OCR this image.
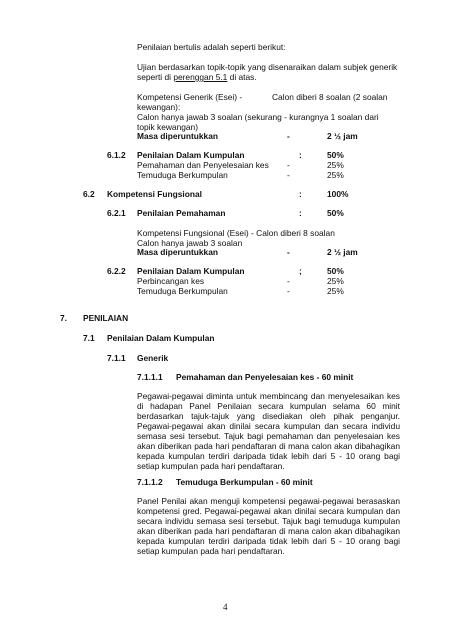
Penilaian bertulis adalah seperti berikut:
Ujian berdasarkan topik-topik yang disenaraikan dalam subjek generik
seperti di perenggan 5.1 di atas.
Kompetensi Generik (Esei) -	Calon diberi 8 soalan (2 soalan
kewangan):
Calon hanya jawab 3 soalan (sekurang - kurangnya 1 soalan dari
topik kewangan)
Masa diperuntukkan	-	2 ½ jam
6.1.2 Penilaian Dalam Kumpulan	:	50%
Pemahaman dan Penyelesaian kes -	25%
Temuduga Berkumpulan	-	25%
6.2 Kompetensi Fungsional	:	100%
6.2.1 Penilaian Pemahaman	:	50%
Kompetensi Fungsional (Esei) - Calon diberi 8 soalan
Calon hanya jawab 3 soalan
Masa diperuntukkan	-	2 ½ jam
6.2.2 Penilaian Dalam Kumpulan	;	50%
Perbincangan kes	-	25%
Temuduga Berkumpulan	-	25%
7. PENILAIAN
7.1 Penilaian Dalam Kumpulan
7.1.1 Generik
7.1.1.1 Pemahaman dan Penyelesaian kes - 60 minit
Pegawai-pegawai diminta untuk membincang dan menyelesaikan kes di hadapan Panel Penilaian secara kumpulan selama 60 minit berdasarkan tajuk-tajuk yang disediakan oleh pihak penganjur. Pegawai-pegawai akan dinilai secara kumpulan dan secara individu semasa sesi tersebut. Tajuk bagi pemahaman dan penyelesaian kes akan diberikan pada hari pendaftaran di mana calon akan dibahagikan kepada kumpulan terdiri daripada tidak lebih dari 5 - 10 orang bagi setiap kumpulan pada hari pendaftaran.
7.1.1.2 Temuduga Berkumpulan - 60 minit
Panel Penilai akan menguji kompetensi pegawai-pegawai berasaskan kompetensi gred. Pegawai-pegawai akan dinilai secara kumpulan dan secara individu semasa sesi tersebut. Tajuk bagi temuduga kumpulan akan diberikan pada hari pendaftaran di mana calon akan dibahagikan kepada kumpulan terdiri daripada tidak lebih dari 5 - 10 orang bagi setiap kumpulan pada hari pendaftaran.
4
